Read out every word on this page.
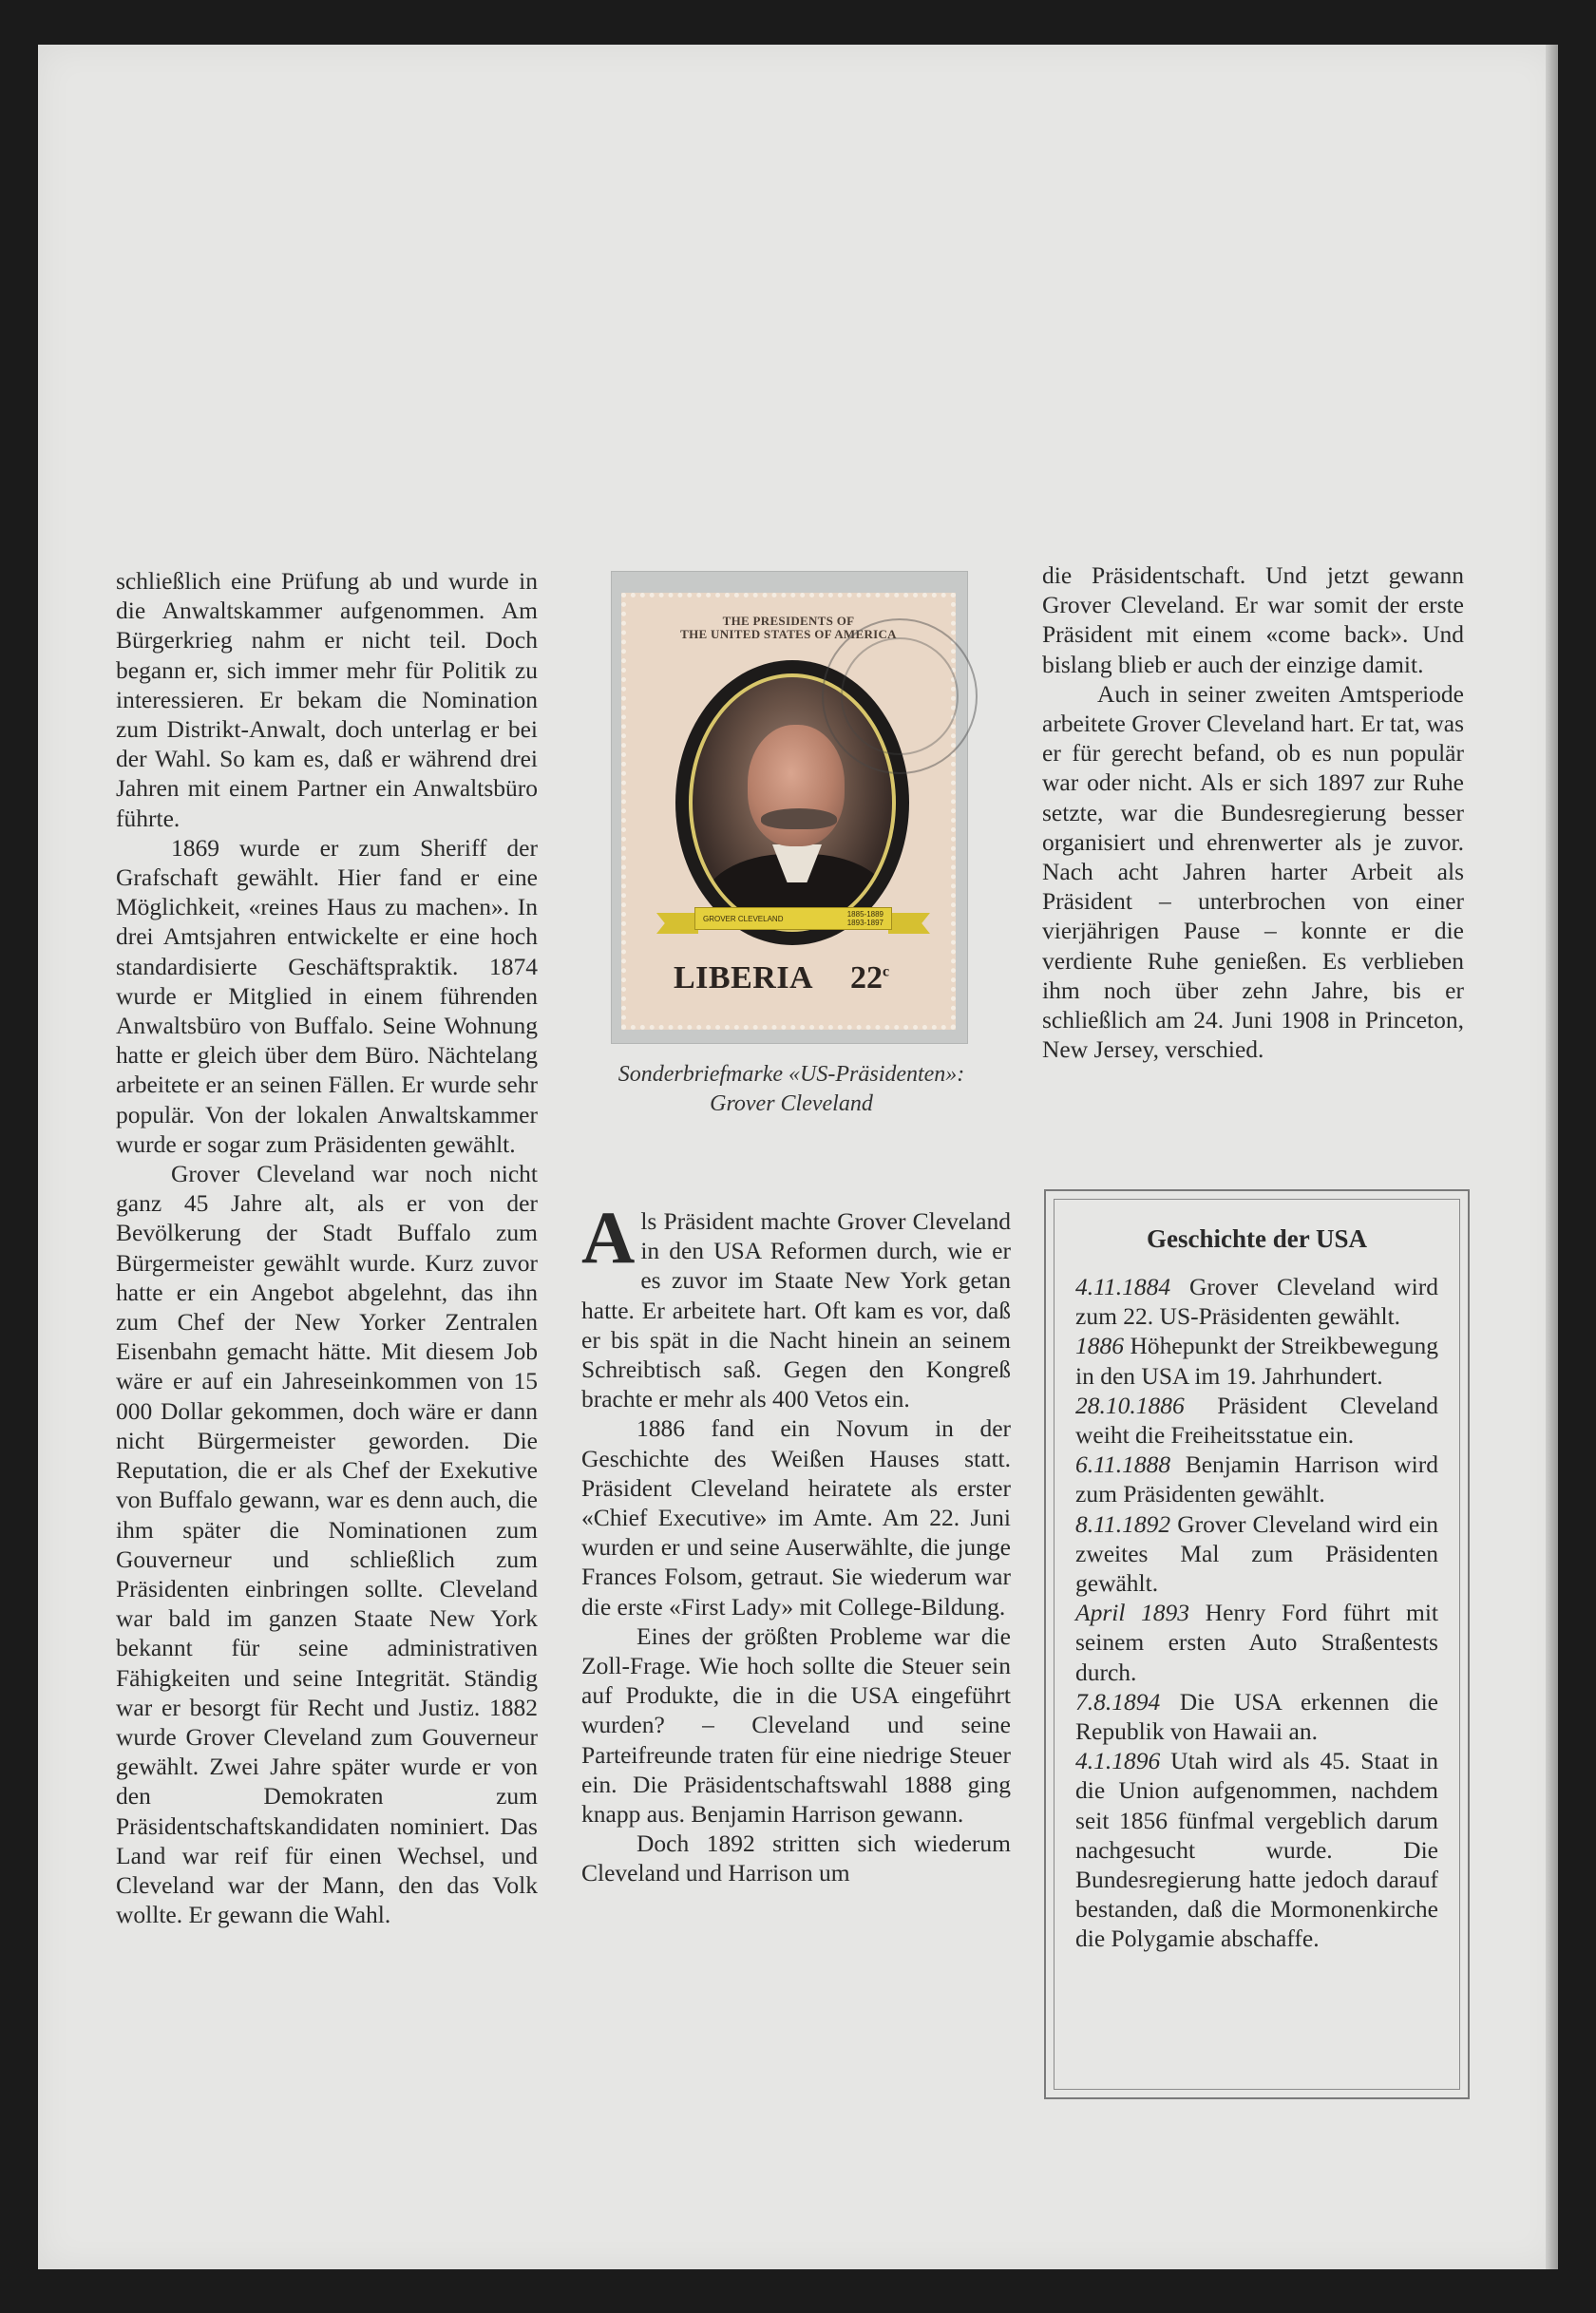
schließlich eine Prüfung ab und wurde in die Anwaltskammer aufgenommen. Am Bürgerkrieg nahm er nicht teil. Doch begann er, sich immer mehr für Politik zu interessieren. Er bekam die Nomination zum Distrikt-Anwalt, doch unterlag er bei der Wahl. So kam es, daß er während drei Jahren mit einem Partner ein Anwaltsbüro führte.

1869 wurde er zum Sheriff der Grafschaft gewählt. Hier fand er eine Möglichkeit, «reines Haus zu machen». In drei Amtsjahren entwickelte er eine hoch standardisierte Geschäftspraktik. 1874 wurde er Mitglied in einem führenden Anwaltsbüro von Buffalo. Seine Wohnung hatte er gleich über dem Büro. Nächtelang arbeitete er an seinen Fällen. Er wurde sehr populär. Von der lokalen Anwaltskammer wurde er sogar zum Präsidenten gewählt.

Grover Cleveland war noch nicht ganz 45 Jahre alt, als er von der Bevölkerung der Stadt Buffalo zum Bürgermeister gewählt wurde. Kurz zuvor hatte er ein Angebot abgelehnt, das ihn zum Chef der New Yorker Zentralen Eisenbahn gemacht hätte. Mit diesem Job wäre er auf ein Jahreseinkommen von 15 000 Dollar gekommen, doch wäre er dann nicht Bürgermeister geworden. Die Reputation, die er als Chef der Exekutive von Buffalo gewann, war es denn auch, die ihm später die Nominationen zum Gouverneur und schließlich zum Präsidenten einbringen sollte. Cleveland war bald im ganzen Staate New York bekannt für seine administrativen Fähigkeiten und seine Integrität. Ständig war er besorgt für Recht und Justiz. 1882 wurde Grover Cleveland zum Gouverneur gewählt. Zwei Jahre später wurde er von den Demokraten zum Präsidentschaftskandidaten nominiert. Das Land war reif für einen Wechsel, und Cleveland war der Mann, den das Volk wollte. Er gewann die Wahl.

THE PRESIDENTS OF
THE UNITED STATES OF AMERICA
GROVER CLEVELAND	1885-1889
1893-1897
LIBERIA 22$^c$
Sonderbriefmarke «US-Präsidenten»:
Grover Cleveland

Als Präsident machte Grover Cleveland in den USA Reformen durch, wie er es zuvor im Staate New York getan hatte. Er arbeitete hart. Oft kam es vor, daß er bis spät in die Nacht hinein an seinem Schreibtisch saß. Gegen den Kongreß brachte er mehr als 400 Vetos ein.

1886 fand ein Novum in der Geschichte des Weißen Hauses statt. Präsident Cleveland heiratete als erster «Chief Executive» im Amte. Am 22. Juni wurden er und seine Auserwählte, die junge Frances Folsom, getraut. Sie wiederum war die erste «First Lady» mit College-Bildung.

Eines der größten Probleme war die Zoll-Frage. Wie hoch sollte die Steuer sein auf Produkte, die in die USA eingeführt wurden? – Cleveland und seine Parteifreunde traten für eine niedrige Steuer ein. Die Präsidentschaftswahl 1888 ging knapp aus. Benjamin Harrison gewann.

Doch 1892 stritten sich wiederum Cleveland und Harrison um

die Präsidentschaft. Und jetzt gewann Grover Cleveland. Er war somit der erste Präsident mit einem «come back». Und bislang blieb er auch der einzige damit.

Auch in seiner zweiten Amtsperiode arbeitete Grover Cleveland hart. Er tat, was er für gerecht befand, ob es nun populär war oder nicht. Als er sich 1897 zur Ruhe setzte, war die Bundesregierung besser organisiert und ehrenwerter als je zuvor. Nach acht Jahren harter Arbeit als Präsident – unterbrochen von einer vierjährigen Pause – konnte er die verdiente Ruhe genießen. Es verblieben ihm noch über zehn Jahre, bis er schließlich am 24. Juni 1908 in Princeton, New Jersey, verschied.

Geschichte der USA

4.11.1884 Grover Cleveland wird zum 22. US-Präsidenten gewählt.

1886 Höhepunkt der Streikbewegung in den USA im 19. Jahrhundert.

28.10.1886 Präsident Cleveland weiht die Freiheitsstatue ein.

6.11.1888 Benjamin Harrison wird zum Präsidenten gewählt.

8.11.1892 Grover Cleveland wird ein zweites Mal zum Präsidenten gewählt.

April 1893 Henry Ford führt mit seinem ersten Auto Straßentests durch.

7.8.1894 Die USA erkennen die Republik von Hawaii an.

4.1.1896 Utah wird als 45. Staat in die Union aufgenommen, nachdem seit 1856 fünfmal vergeblich darum nachgesucht wurde. Die Bundesregierung hatte jedoch darauf bestanden, daß die Mormonenkirche die Polygamie abschaffe.
